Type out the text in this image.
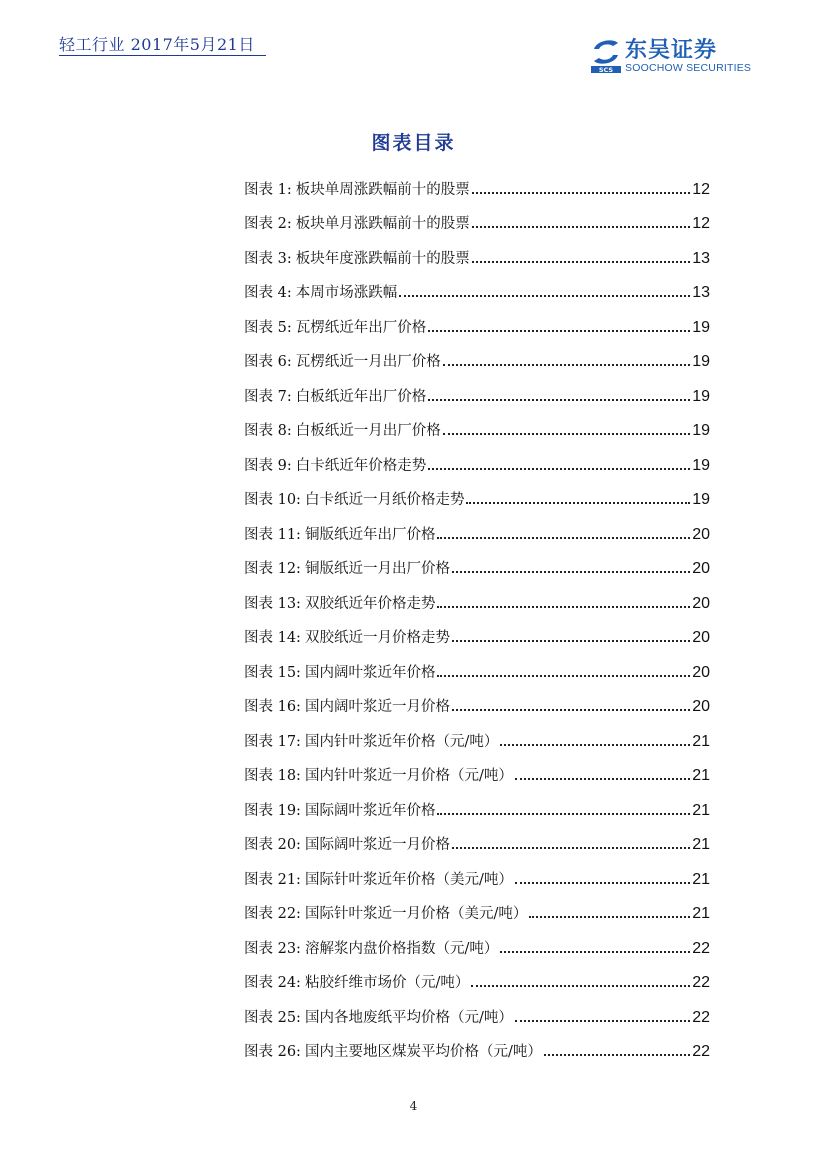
轻工行业 2017年5月21日
SCS
东吴证券
SOOCHOW SECURITIES
图表目录
图表 1: 板块单周涨跌幅前十的股票	12
图表 2: 板块单月涨跌幅前十的股票	12
图表 3: 板块年度涨跌幅前十的股票	13
图表 4: 本周市场涨跌幅	13
图表 5: 瓦楞纸近年出厂价格	19
图表 6: 瓦楞纸近一月出厂价格	19
图表 7: 白板纸近年出厂价格	19
图表 8: 白板纸近一月出厂价格	19
图表 9: 白卡纸近年价格走势	19
图表 10: 白卡纸近一月纸价格走势	19
图表 11: 铜版纸近年出厂价格	20
图表 12: 铜版纸近一月出厂价格	20
图表 13: 双胶纸近年价格走势	20
图表 14: 双胶纸近一月价格走势	20
图表 15: 国内阔叶浆近年价格	20
图表 16: 国内阔叶浆近一月价格	20
图表 17: 国内针叶浆近年价格（元/吨）	21
图表 18: 国内针叶浆近一月价格（元/吨）	21
图表 19: 国际阔叶浆近年价格	21
图表 20: 国际阔叶浆近一月价格	21
图表 21: 国际针叶浆近年价格（美元/吨）	21
图表 22: 国际针叶浆近一月价格（美元/吨）	21
图表 23: 溶解浆内盘价格指数（元/吨）	22
图表 24: 粘胶纤维市场价（元/吨）	22
图表 25: 国内各地废纸平均价格（元/吨）	22
图表 26: 国内主要地区煤炭平均价格（元/吨）	22
4
